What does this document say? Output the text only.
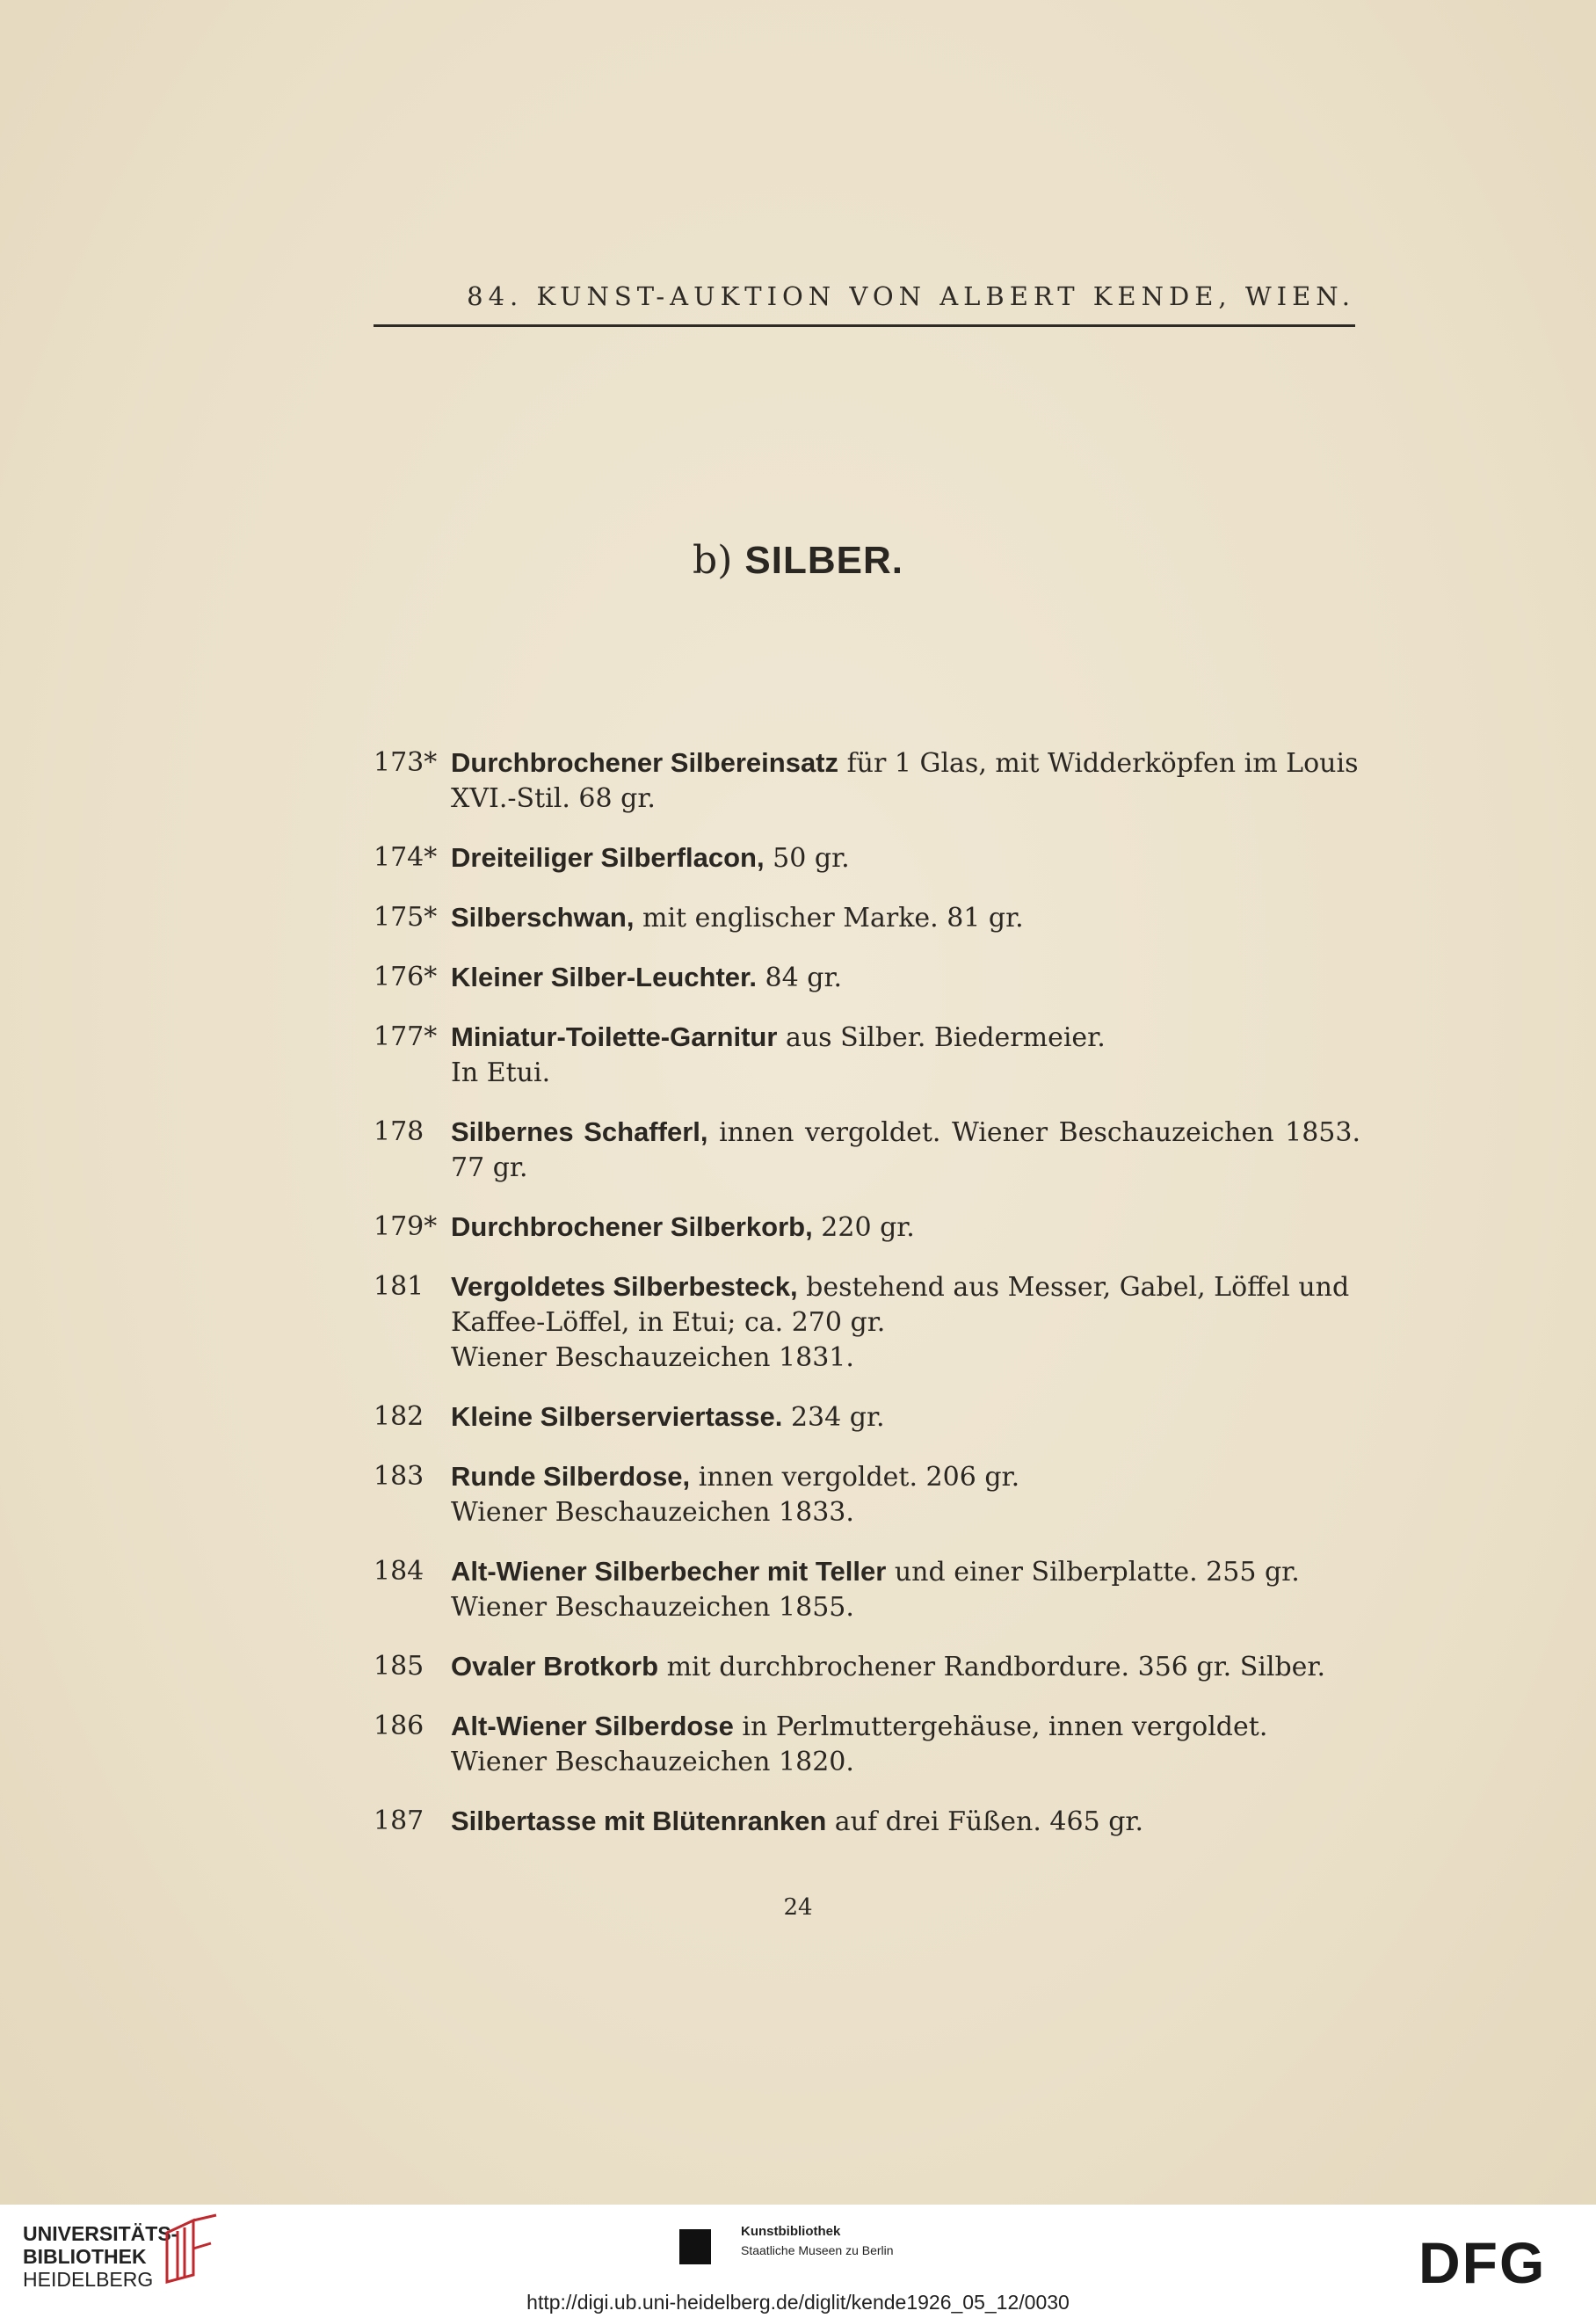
84. KUNST-AUKTION VON ALBERT KENDE, WIEN.
b) SILBER.
173* Durchbrochener Silbereinsatz für 1 Glas, mit Widderköpfen im Louis
XVI.-Stil. 68 gr.
174* Dreiteiliger Silberflacon, 50 gr.
175* Silberschwan, mit englischer Marke. 81 gr.
176* Kleiner Silber-Leuchter. 84 gr.
177* Miniatur-Toilette-Garnitur aus Silber. Biedermeier.
In Etui.
178 Silbernes Schafferl, innen vergoldet. Wiener Beschauzeichen 1853. 77 gr.
179* Durchbrochener Silberkorb, 220 gr.
181 Vergoldetes Silberbesteck, bestehend aus Messer, Gabel, Löffel und
Kaffee-Löffel, in Etui; ca. 270 gr.
Wiener Beschauzeichen 1831.
182 Kleine Silberserviertasse. 234 gr.
183 Runde Silberdose, innen vergoldet. 206 gr.
Wiener Beschauzeichen 1833.
184 Alt-Wiener Silberbecher mit Teller und einer Silberplatte. 255 gr.
Wiener Beschauzeichen 1855.
185 Ovaler Brotkorb mit durchbrochener Randbordure. 356 gr. Silber.
186 Alt-Wiener Silberdose in Perlmuttergehäuse, innen vergoldet.
Wiener Beschauzeichen 1820.
187 Silbertasse mit Blütenranken auf drei Füßen. 465 gr.
24
UNIVERSITÄTS-
BIBLIOTHEK
HEIDELBERG
Kunstbibliothek
Staatliche Museen zu Berlin	DFG
http://digi.ub.uni-heidelberg.de/diglit/kende1926_05_12/0030
